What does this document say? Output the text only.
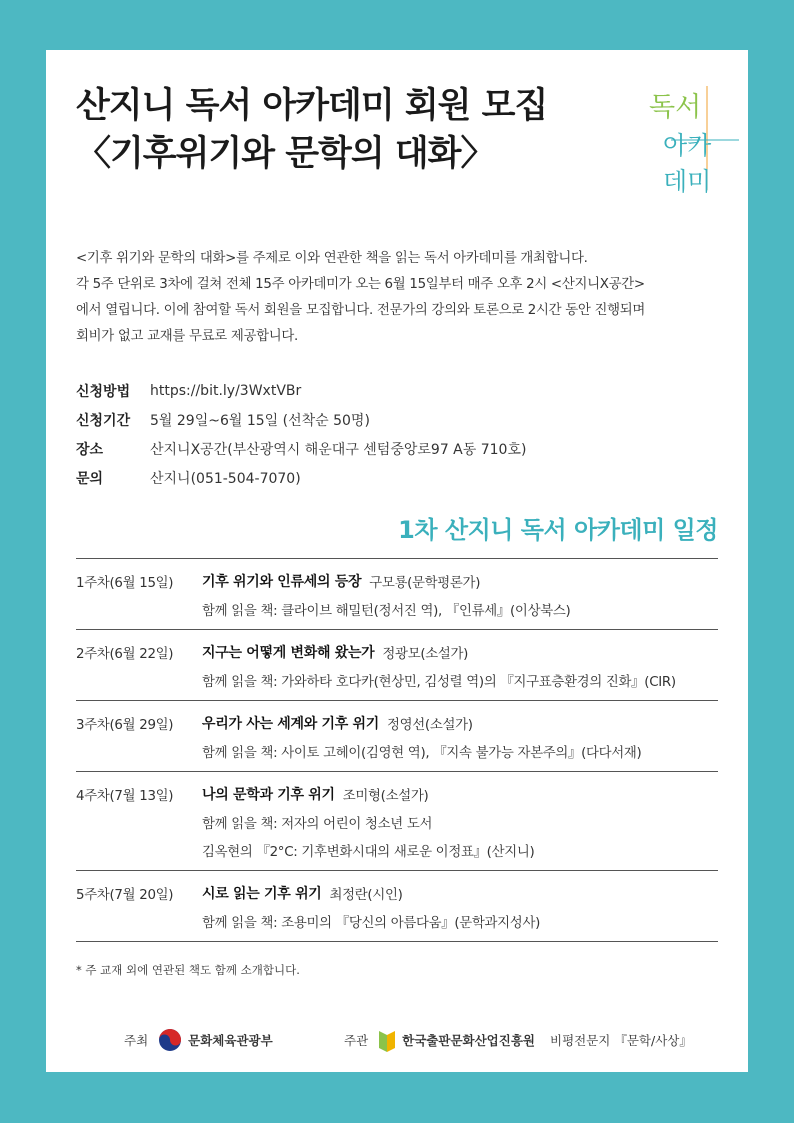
산지니 독서 아카데미 회원 모집
〈기후위기와 문학의 대화〉
독서
아카
데미

<기후 위기와 문학의 대화>를 주제로 이와 연관한 책을 읽는 독서 아카데미를 개최합니다.

각 5주 단위로 3차에 걸쳐 전체 15주 아카데미가 오는 6월 15일부터 매주 오후 2시 <산지니X공간>

에서 열립니다. 이에 참여할 독서 회원을 모집합니다. 전문가의 강의와 토론으로 2시간 동안 진행되며

회비가 없고 교재를 무료로 제공합니다.

신청방법	https://bit.ly/3WxtVBr
신청기간	5월 29일~6월 15일 (선착순 50명)
장소	산지니X공간(부산광역시 해운대구 센텀중앙로97 A동 710호)
문의	산지니(051-504-7070)
1차 산지니 독서 아카데미 일정
1주차(6월 15일)	기후 위기와 인류세의 등장 구모룡(문학평론가)
함께 읽을 책: 클라이브 해밀턴(정서진 역), 『인류세』(이상북스)
2주차(6월 22일)	지구는 어떻게 변화해 왔는가 정광모(소설가)
함께 읽을 책: 가와하타 호다카(현상민, 김성렬 역)의 『지구표층환경의 진화』(CIR)
3주차(6월 29일)	우리가 사는 세계와 기후 위기 정영선(소설가)
함께 읽을 책: 사이토 고헤이(김영현 역), 『지속 불가능 자본주의』(다다서재)
4주차(7월 13일)	나의 문학과 기후 위기 조미형(소설가)
함께 읽을 책: 저자의 어린이 청소년 도서
김옥현의 『2°C: 기후변화시대의 새로운 이정표』(산지니)
5주차(7월 20일)	시로 읽는 기후 위기 최정란(시인)
함께 읽을 책: 조용미의 『당신의 아름다움』(문학과지성사)
* 주 교재 외에 연관된 책도 함께 소개합니다.
주최	문화체육관광부	주관	한국출판문화산업진흥원 비평전문지 『문학/사상』
